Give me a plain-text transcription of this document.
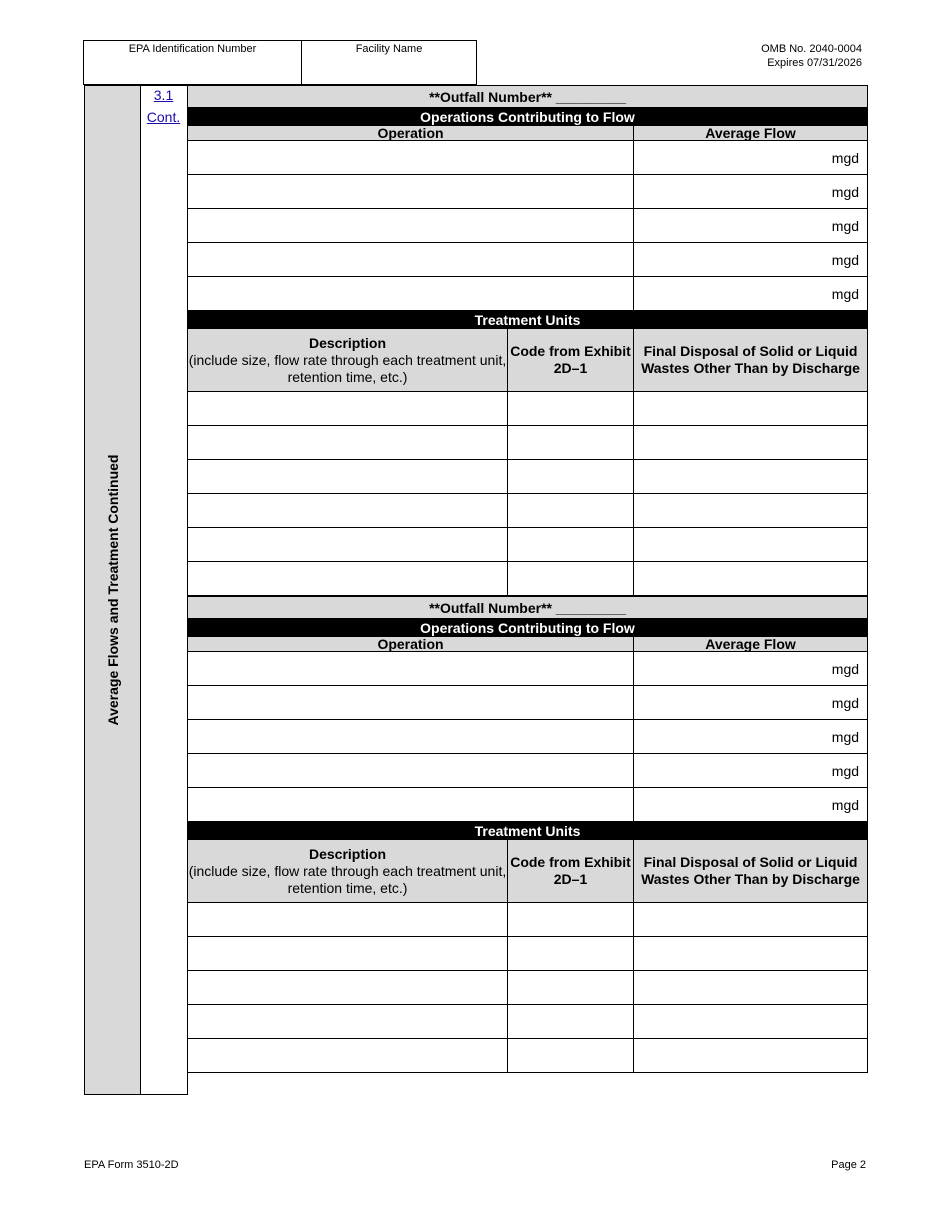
EPA Identification Number	Facility Name	OMB No. 2040-0004
Expires 07/31/2026
Average Flows and Treatment Continued
3.1
Cont.
**Outfall Number** _________		
Operations Contributing to Flow		
Operation		Average Flow
		mgd
		mgd
		mgd
		mgd
		mgd
Treatment Units		

Description
(include size, flow rate through each treatment unit, retention time, etc.)	Code from Exhibit 2D–1	Final Disposal of Solid or Liquid Wastes Other Than by Discharge

**Outfall Number** _________		
Operations Contributing to Flow		
Operation		Average Flow
		mgd
		mgd
		mgd
		mgd
		mgd
Treatment Units		

Description
(include size, flow rate through each treatment unit, retention time, etc.)	Code from Exhibit 2D–1	Final Disposal of Solid or Liquid Wastes Other Than by Discharge

EPA Form 3510-2D	Page 2
